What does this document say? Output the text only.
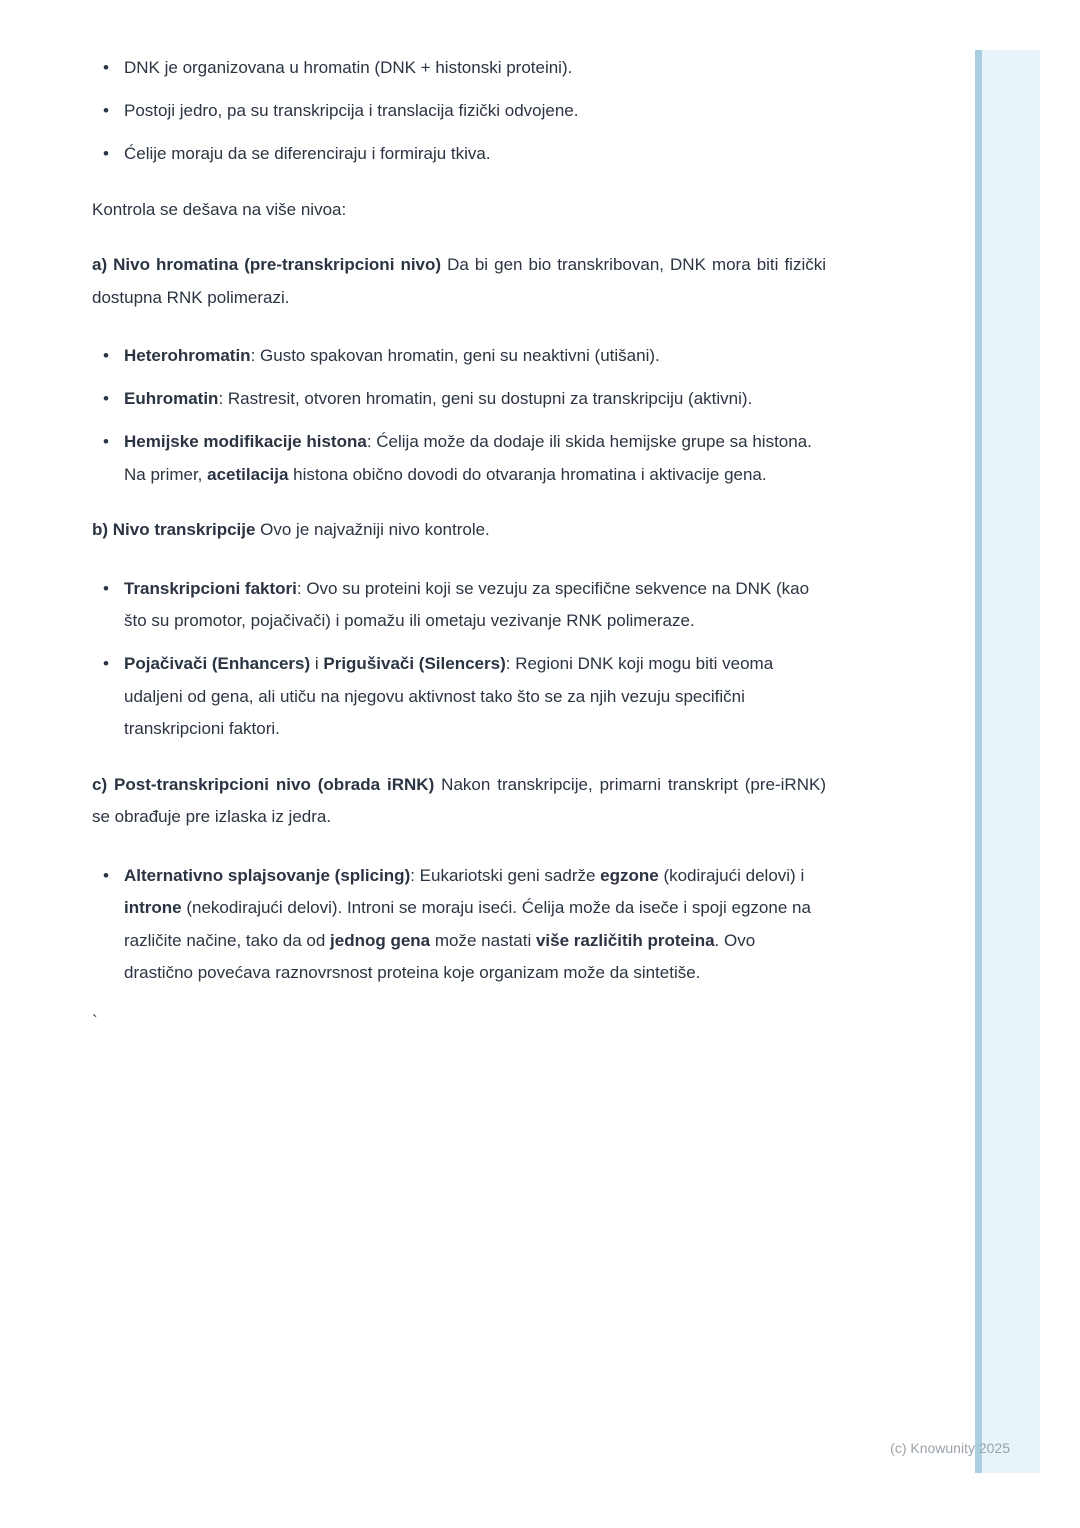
• DNK je organizovana u hromatin (DNK + histonski proteini).
• Postoji jedro, pa su transkripcija i translacija fizički odvojene.
• Ćelije moraju da se diferenciraju i formiraju tkiva.

Kontrola se dešava na više nivoa:

a) Nivo hromatina (pre-transkripcioni nivo) Da bi gen bio transkribovan, DNK mora biti fizički dostupna RNK polimerazi.

• Heterohromatin: Gusto spakovan hromatin, geni su neaktivni (utišani).
• Euhromatin: Rastresit, otvoren hromatin, geni su dostupni za transkripciju (aktivni).
• Hemijske modifikacije histona: Ćelija može da dodaje ili skida hemijske grupe sa histona. Na primer, acetilacija histona obično dovodi do otvaranja hromatina i aktivacije gena.

b) Nivo transkripcije Ovo je najvažniji nivo kontrole.

• Transkripcioni faktori: Ovo su proteini koji se vezuju za specifične sekvence na DNK (kao što su promotor, pojačivači) i pomažu ili ometaju vezivanje RNK polimeraze.
• Pojačivači (Enhancers) i Prigušivači (Silencers): Regioni DNK koji mogu biti veoma udaljeni od gena, ali utiču na njegovu aktivnost tako što se za njih vezuju specifični transkripcioni faktori.

c) Post-transkripcioni nivo (obrada iRNK) Nakon transkripcije, primarni transkript (pre-iRNK) se obrađuje pre izlaska iz jedra.

• Alternativno splajsovanje (splicing): Eukariotski geni sadrže egzone (kodirajući delovi) i introne (nekodirajući delovi). Introni se moraju iseći. Ćelija može da iseče i spoji egzone na različite načine, tako da od jednog gena može nastati više različitih proteina. Ovo drastično povećava raznovrsnost proteina koje organizam može da sintetiše.

`

(c) Knowunity 2025
